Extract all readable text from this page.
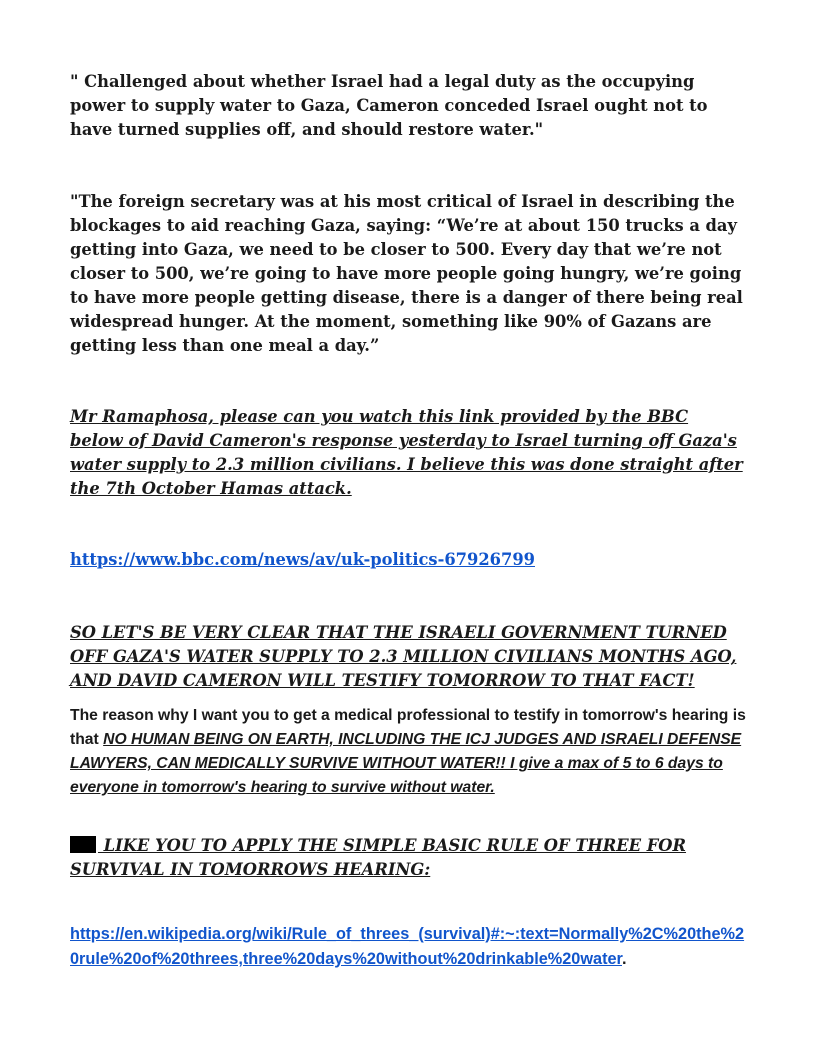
" Challenged about whether Israel had a legal duty as the occupying power to supply water to Gaza, Cameron conceded Israel ought not to have turned supplies off, and should restore water."

"The foreign secretary was at his most critical of Israel in describing the blockages to aid reaching Gaza, saying: “We’re at about 150 trucks a day getting into Gaza, we need to be closer to 500. Every day that we’re not closer to 500, we’re going to have more people going hungry, we’re going to have more people getting disease, there is a danger of there being real widespread hunger. At the moment, something like 90% of Gazans are getting less than one meal a day.”

Mr Ramaphosa, please can you watch this link provided by the BBC below of David Cameron's response yesterday to Israel turning off Gaza's water supply to 2.3 million civilians. I believe this was done straight after the 7th October Hamas attack.

https://www.bbc.com/news/av/uk-politics-67926799

SO LET'S BE VERY CLEAR THAT THE ISRAELI GOVERNMENT TURNED OFF GAZA'S WATER SUPPLY TO 2.3 MILLION CIVILIANS MONTHS AGO, AND DAVID CAMERON WILL TESTIFY TOMORROW TO THAT FACT!

The reason why I want you to get a medical professional to testify in tomorrow's hearing is that NO HUMAN BEING ON EARTH, INCLUDING THE ICJ JUDGES AND ISRAELI DEFENSE LAWYERS, CAN MEDICALLY SURVIVE WITHOUT WATER!! I give a max of 5 to 6 days to everyone in tomorrow's hearing to survive without water.

LIKE YOU TO APPLY THE SIMPLE BASIC RULE OF THREE FOR SURVIVAL IN TOMORROWS HEARING:

https://en.wikipedia.org/wiki/Rule_of_threes_(survival)#:~:text=Normally%2C%20the%20rule%20of%20threes,three%20days%20without%20drinkable%20water.
